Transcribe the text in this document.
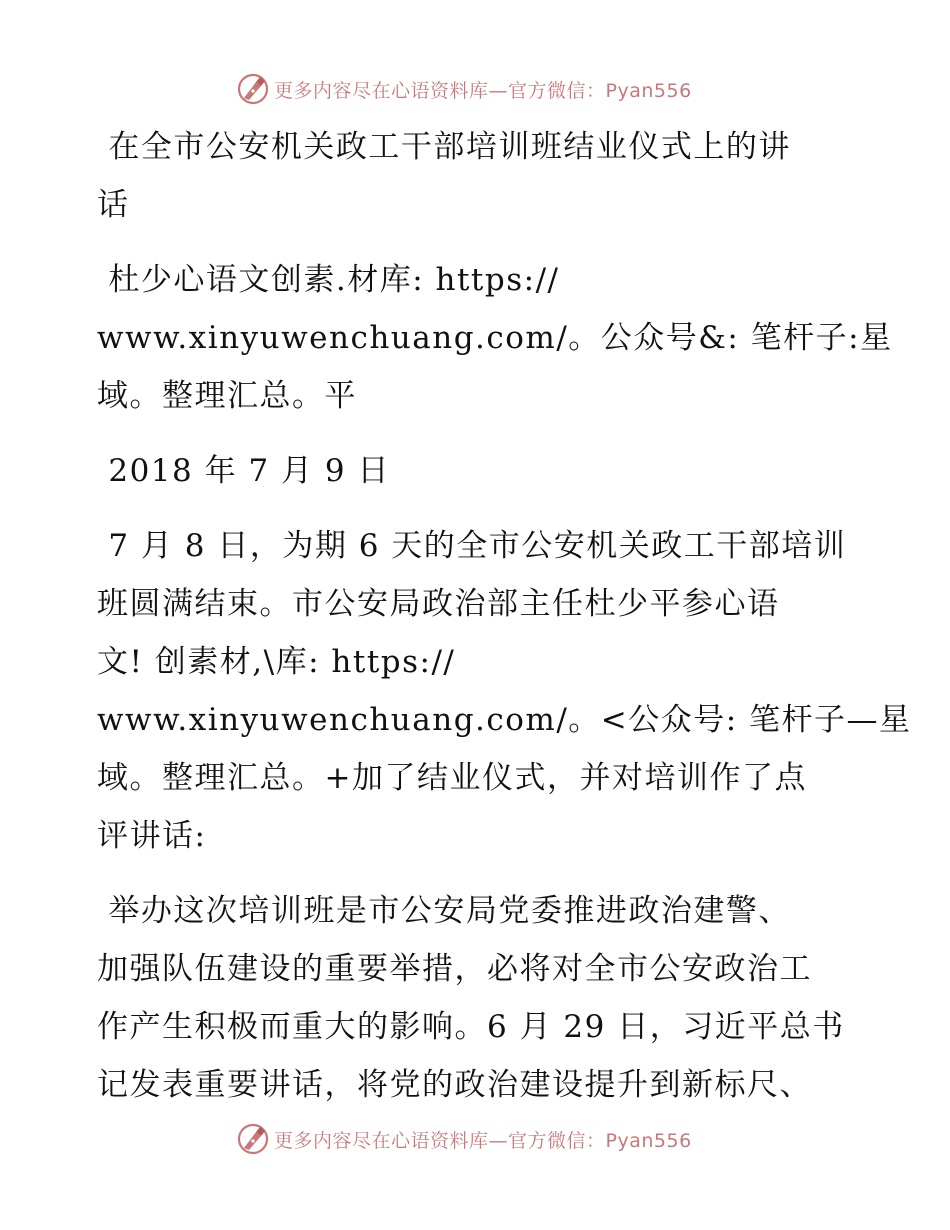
更多内容尽在心语资料库—官方微信：Pyan556

在全市公安机关政工干部培训班结业仪式上的讲

话

杜少心语文创素.材库: https://

www.xinyuwenchuang.com/。公众号&: 笔杆子:星

域。整理汇总。平

2018 年 7 月 9 日

7 月 8 日，为期 6 天的全市公安机关政工干部培训

班圆满结束。市公安局政治部主任杜少平参心语

文! 创素材,\库: https://

www.xinyuwenchuang.com/。<公众号: 笔杆子—星

域。整理汇总。+加了结业仪式，并对培训作了点

评讲话:

举办这次培训班是市公安局党委推进政治建警、

加强队伍建设的重要举措，必将对全市公安政治工

作产生积极而重大的影响。6 月 29 日，习近平总书

记发表重要讲话，将党的政治建设提升到新标尺、

更多内容尽在心语资料库—官方微信：Pyan556
